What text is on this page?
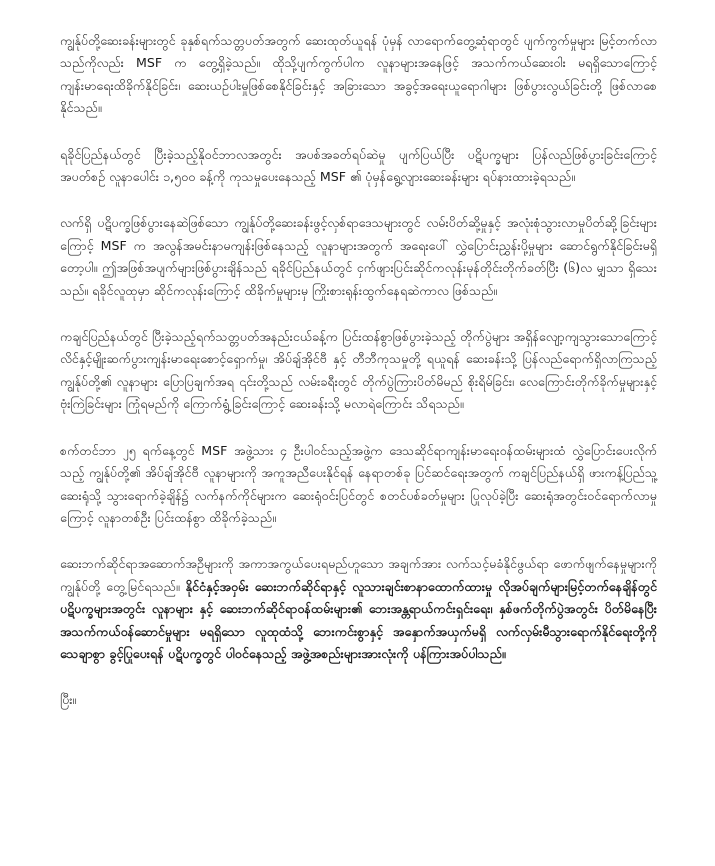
ကျွန်ုပ်တို့ဆေးခန်းများတွင် ခုနှစ်ရက်သတ္တပတ်အတွက် ဆေးထုတ်ယူရန် ပုံမှန် လာရောက်တွေ့ဆုံရာတွင် ပျက်ကွက်မှုများ မြင့်တက်လာသည်ကိုလည်း MSF က တွေ့ရှိခဲ့သည်။ ထိုသို့ပျက်ကွက်ပါက လူနာများအနေဖြင့် အသက်ကယ်ဆေးဝါး မရရှိသောကြောင့် ကျန်းမာရေးထိခိုက်နိုင်ခြင်း၊ ဆေးယဉ်ပါးမှုဖြစ်စေနိုင်ခြင်းနှင့် အခြားသော အခွင့်အရေးယူရောဂါများ ဖြစ်ပွားလွယ်ခြင်းတို့ ဖြစ်လာစေနိုင်သည်။

ရခိုင်ပြည်နယ်တွင် ပြီးခဲ့သည့်နိုဝင်ဘာလအတွင်း အပစ်အခတ်ရပ်ဆဲမှု ပျက်ပြယ်ပြီး ပဋိပက္ခများ ပြန်လည်ဖြစ်ပွားခြင်းကြောင့် အပတ်စဉ် လူနာပေါင်း ၁,၅၀၀ ခန့်ကို ကုသမှုပေးနေသည့် MSF ၏ ပုံမှန်ရွေ့လျားဆေးခန်းများ ရပ်နားထားခဲ့ရသည်။

လက်ရှိ ပဋိပက္ခဖြစ်ပွားနေဆဲဖြစ်သော ကျွန်ုပ်တို့ဆေးခန်းဖွင့်လှစ်ရာဒေသများတွင် လမ်းပိတ်ဆို့မှုနှင့် အလုံးစုံသွားလာမှုပိတ်ဆို့ခြင်းများကြောင့် MSF က အလွန်အမင်းနာမကျန်းဖြစ်နေသည့် လူနာများအတွက် အရေးပေါ် လွှဲပြောင်းညွှန်းပို့မှုများ ဆောင်ရွက်နိုင်ခြင်းမရှိတော့ပါ။ ဤအဖြစ်အပျက်များဖြစ်ပွားချိန်သည် ရခိုင်ပြည်နယ်တွင် ငှက်ဖျားပြင်းဆိုင်ကလုန်းမုန်တိုင်းတိုက်ခတ်ပြီး (၆)လ မျှသာ ရှိသေးသည်။ ရခိုင်လူထုမှာ ဆိုင်ကလုန်းကြောင့် ထိခိုက်မှုများမှ ကြိုးစားရုန်းထွက်နေရဆဲကာလ ဖြစ်သည်။

ကချင်ပြည်နယ်တွင် ပြီးခဲ့သည့်ရက်သတ္တပတ်အနည်းငယ်ခန့်က ပြင်းထန်စွာဖြစ်ပွားခဲ့သည့် တိုက်ပွဲများ အရှိန်လျော့ကျသွားသောကြောင့် လိင်နှင့်မျိုးဆက်ပွားကျန်းမာရေးစောင့်ရှောက်မှု၊ အိပ်ချ်အိုင်ဗီ နှင့် တီဘီကုသမှုတို့ ရယူရန် ဆေးခန်းသို့ ပြန်လည်ရောက်ရှိလာကြသည့် ကျွန်ုပ်တို့၏ လူနာများ ပြောပြချက်အရ ၎င်းတို့သည် လမ်းခရီးတွင် တိုက်ပွဲကြားပိတ်မိမည် စိုးရိမ်ခြင်း၊ လေကြောင်းတိုက်ခိုက်မှုများနှင့် ဗုံးကြဲခြင်းများ ကြုံရမည်ကို ကြောက်ရွံ့ခြင်းကြောင့် ဆေးခန်းသို့ မလာရဲကြောင်း သိရသည်။

စက်တင်ဘာ ၂၅ ရက်နေ့တွင် MSF အဖွဲ့သား ၄ ဦးပါဝင်သည့်အဖွဲ့က ဒေသဆိုင်ရာကျန်းမာရေးဝန်ထမ်းများထံ လွှဲပြောင်းပေးလိုက်သည့် ကျွန်ုပ်တို့၏ အိပ်ချ်အိုင်ဗီ လူနာများကို အကူအညီပေးနိုင်ရန် နေရာတစ်ခု ပြင်ဆင်ရေးအတွက် ကချင်ပြည်နယ်ရှိ ဖားကန့်ပြည်သူ့ဆေးရုံသို့ သွားရောက်ခဲ့ချိန်၌ လက်နက်ကိုင်များက ဆေးရုံဝင်းပြင်တွင် စတင်ပစ်ခတ်မှုများ ပြုလုပ်ခဲ့ပြီး ဆေးရုံအတွင်းဝင်ရောက်လာမှုကြောင့် လူနာတစ်ဦး ပြင်းထန်စွာ ထိခိုက်ခဲ့သည်။

ဆေးဘက်ဆိုင်ရာအဆောက်အဦများကို အကာအကွယ်ပေးရမည်ဟူသော အချက်အား လက်သင့်မခံနိုင်ဖွယ်ရာ ဖောက်ဖျက်နေမှုများကို ကျွန်ုပ်တို့ တွေ့မြင်ရသည်။ နိုင်ငံနှင့်အဝှမ်း ဆေးဘက်ဆိုင်ရာနှင့် လူသားချင်းစာနာထောက်ထားမှု လိုအပ်ချက်များမြင့်တက်နေချိန်တွင် ပဋိပက္ခများအတွင်း လူနာများ နှင့် ဆေးဘက်ဆိုင်ရာဝန်ထမ်းများ၏ ဘေးအန္တရာယ်ကင်းရှင်းရေး၊ နှစ်ဖက်တိုက်ပွဲအတွင်း ပိတ်မိနေပြီး အသက်ကယ်ဝန်ဆောင်မှုများ မရရှိသော လူထုထံသို့ ဘေးကင်းစွာနှင့် အနှောက်အယှက်မရှိ လက်လှမ်းမီသွားရောက်နိုင်ရေးတို့ကို သေချာစွာ ခွင့်ပြုပေးရန် ပဋိပက္ခတွင် ပါဝင်နေသည့် အဖွဲ့အစည်းများအားလုံးကို ပန်ကြားအပ်ပါသည်။

ပြီး။
